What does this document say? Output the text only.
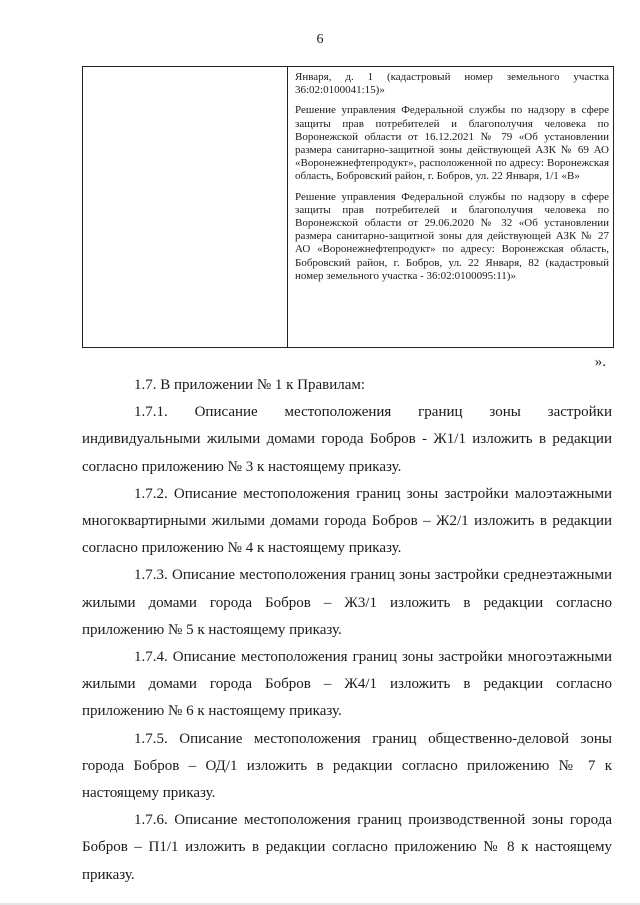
6

Января, д. 1 (кадастровый номер земельного участка 36:02:0100041:15)»

Решение управления Федеральной службы по надзору в сфере защиты прав потребителей и благополучия человека по Воронежской области от 16.12.2021 № 79 «Об установлении размера санитарно-защитной зоны действующей АЗК № 69 АО «Воронежнефтепродукт», расположенной по адресу: Воронежская область, Бобровский район, г. Бобров, ул. 22 Января, 1/1 «В»

Решение управления Федеральной службы по надзору в сфере защиты прав потребителей и благополучия человека по Воронежской области от 29.06.2020 № 32 «Об установлении размера санитарно-защитной зоны для действующей АЗК № 27 АО «Воронежнефтепродукт» по адресу: Воронежская область, Бобровский район, г. Бобров, ул. 22 Января, 82 (кадастровый номер земельного участка - 36:02:0100095:11)»

».

1.7. В приложении № 1 к Правилам:

1.7.1. Описание местоположения границ зоны застройки индивидуальными жилыми домами города Бобров - Ж1/1 изложить в редакции согласно приложению № 3 к настоящему приказу.

1.7.2. Описание местоположения границ зоны застройки малоэтажными многоквартирными жилыми домами города Бобров – Ж2/1 изложить в редакции согласно приложению № 4 к настоящему приказу.

1.7.3. Описание местоположения границ зоны застройки среднеэтажными жилыми домами города Бобров – Ж3/1 изложить в редакции согласно приложению № 5 к настоящему приказу.

1.7.4. Описание местоположения границ зоны застройки многоэтажными жилыми домами города Бобров – Ж4/1 изложить в редакции согласно приложению № 6 к настоящему приказу.

1.7.5. Описание местоположения границ общественно-деловой зоны города Бобров – ОД/1 изложить в редакции согласно приложению № 7 к настоящему приказу.

1.7.6. Описание местоположения границ производственной зоны города Бобров – П1/1 изложить в редакции согласно приложению № 8 к настоящему приказу.
